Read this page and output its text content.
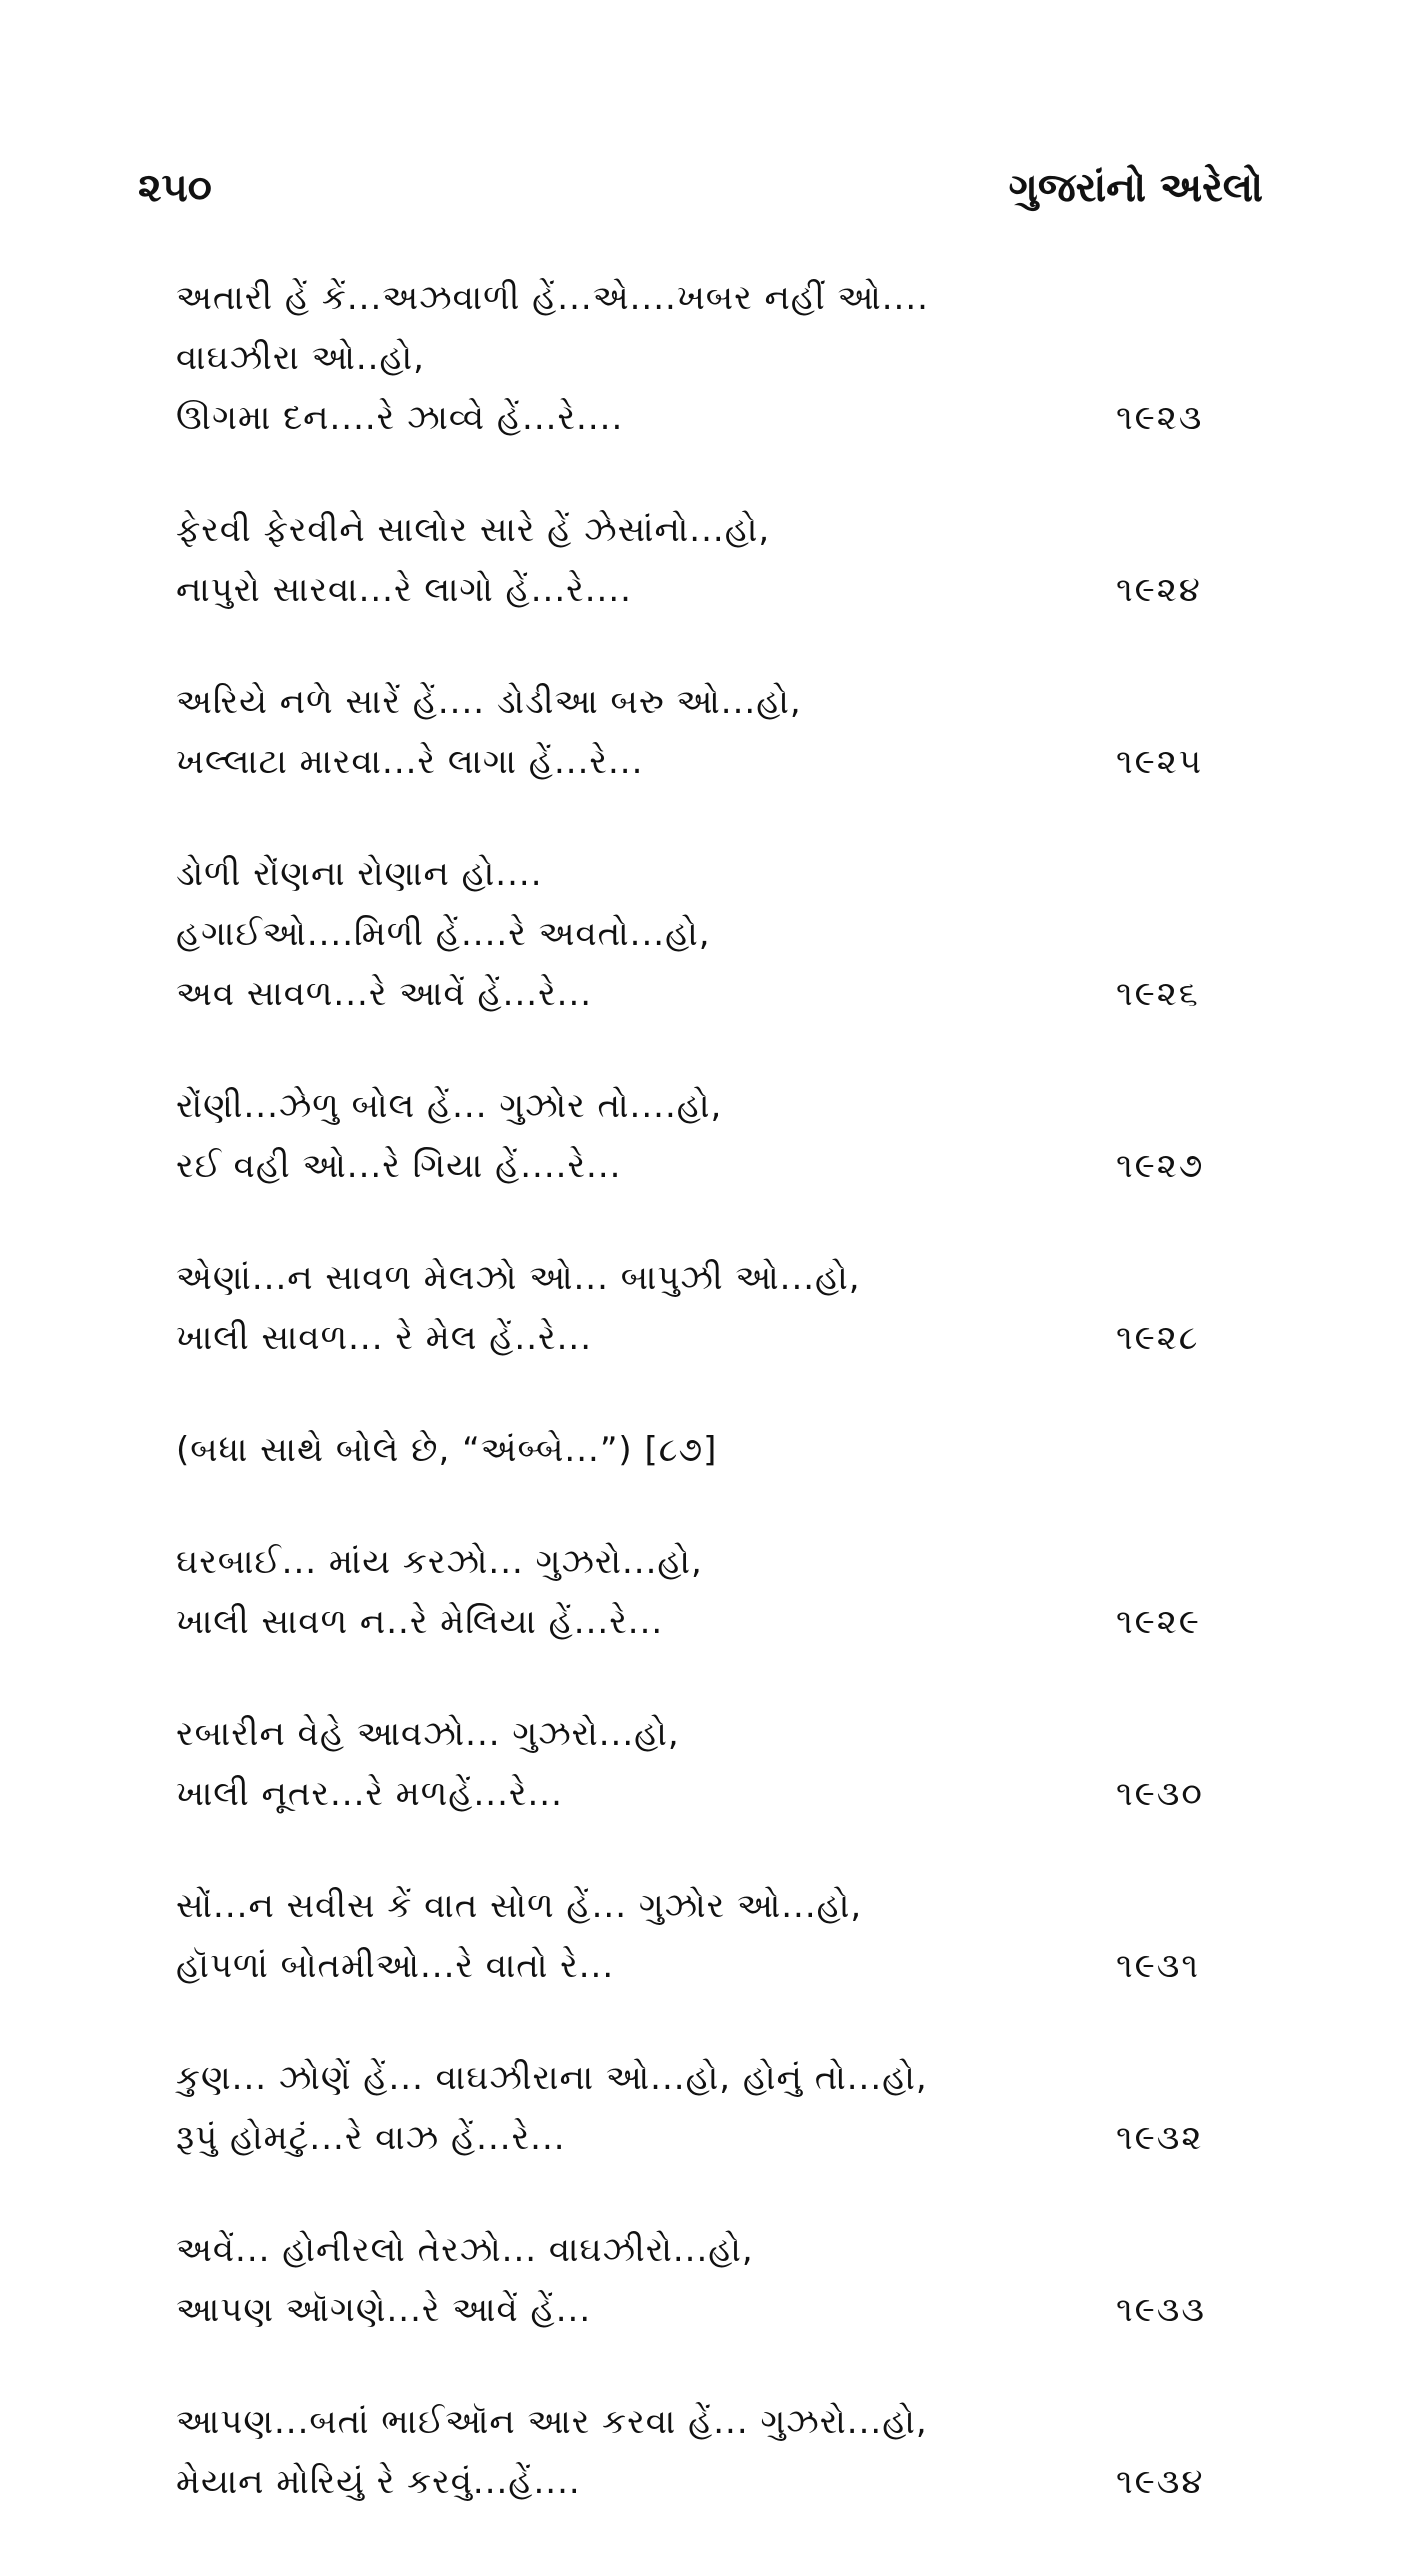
૨૫૦	ગુજરાંનો અરેલો
અતારી હેં કેં...અઝવાળી હેં...એ....ખબર નહીં ઓ....
વાઘઝીરા ઓ..હો,
ઊગમા દન....રે ઝાવ્વે હેં...રે....	૧૯૨૩
ફેરવી ફેરવીને સાલોર સારે હેં ઝેસાંનો...હો,
નાપુરો સારવા...રે લાગો હેં...રે....	૧૯૨૪
અરિયે નળે સારેં હેં.... ડોડીઆ બરુ ઓ...હો,
ખલ્લાટા મારવા...રે લાગા હેં...રે...	૧૯૨૫
ડોળી રોંણના રોણાન હો....
હગાઈઓ....મિળી હેં....રે અવતો...હો,
અવ સાવળ...રે આવેં હેં...રે...	૧૯૨૬
રોંણી...ઝેળુ બોલ હેં... ગુઝોર તો....હો,
રઈ વહી ઓ...રે ગિયા હેં....રે...	૧૯૨૭
એણાં...ન સાવળ મેલઝો ઓ... બાપુઝી ઓ...હો,
ખાલી સાવળ... રે મેલ હેં..રે...	૧૯૨૮
(બધા સાથે બોલે છે, “અંબ્બે...”) [૮૭]
ઘરબાઈ... માંય કરઝો... ગુઝરો...હો,
ખાલી સાવળ ન..રે મેલિયા હેં...રે...	૧૯૨૯
રબારીન વેહે આવઝો... ગુઝરો...હો,
ખાલી નૂતર...રે મળહેં...રે...	૧૯૩૦
સોં...ન સવીસ કેં વાત સોળ હેં... ગુઝોર ઓ...હો,
હૉપળાં બોતમીઓ...રે વાતો રે...	૧૯૩૧
કુણ... ઝોણેં હેં... વાઘઝીરાના ઓ...હો, હોનું તો...હો,
રૂપું હોમટું...રે વાઝ હેં...રે...	૧૯૩૨
અવેં... હોનીરલો તેરઝો... વાઘઝીરો...હો,
આપણ ઑગણે...રે આવેં હેં...	૧૯૩૩
આપણ...બતાં ભાઈઑન આર કરવા હેં... ગુઝરો...હો,
મેયાન મોરિયું રે કરવું...હેં....	૧૯૩૪
